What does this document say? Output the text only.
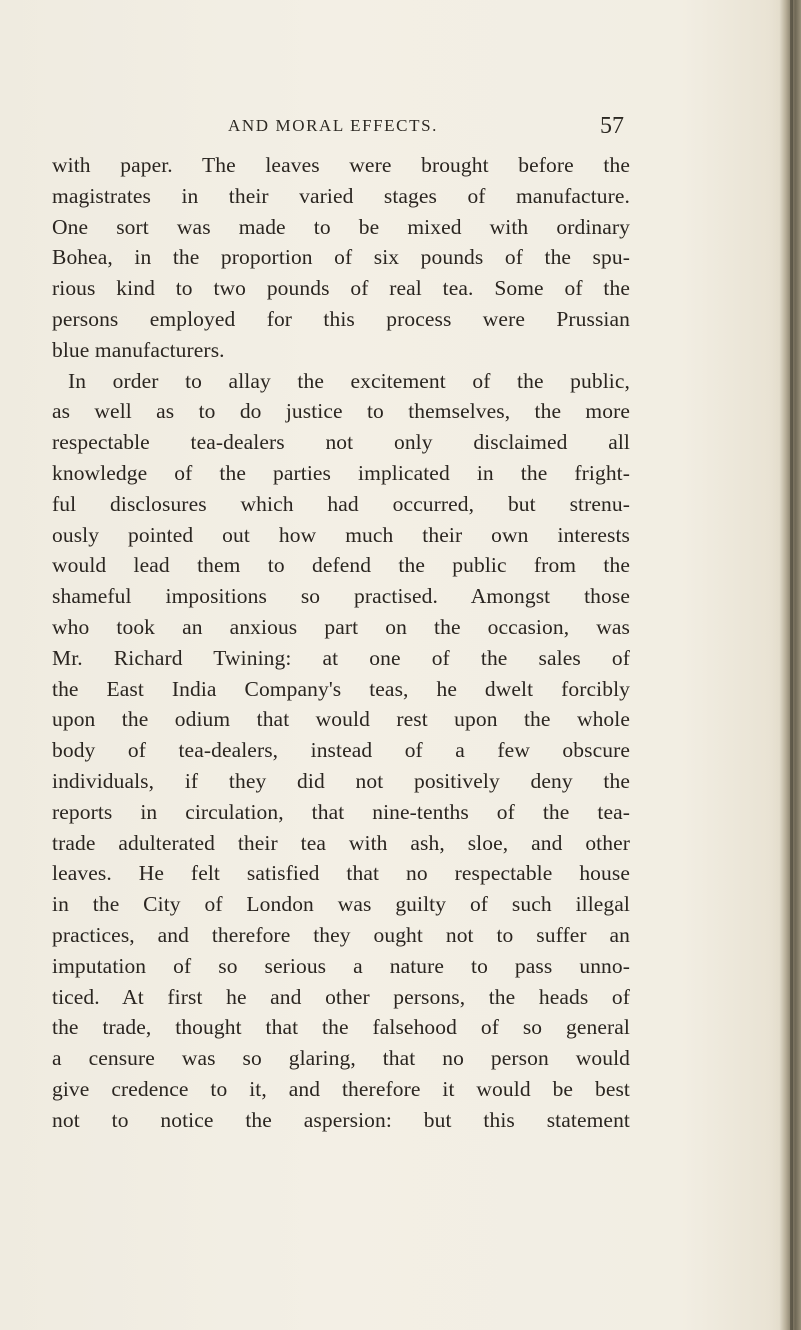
AND MORAL EFFECTS.	57
with paper. The leaves were brought before the
magistrates in their varied stages of manufacture.
One sort was made to be mixed with ordinary
Bohea, in the proportion of six pounds of the spu-
rious kind to two pounds of real tea. Some of the
persons employed for this process were Prussian
blue manufacturers.
In order to allay the excitement of the public,
as well as to do justice to themselves, the more
respectable tea-dealers not only disclaimed all
knowledge of the parties implicated in the fright-
ful disclosures which had occurred, but strenu-
ously pointed out how much their own interests
would lead them to defend the public from the
shameful impositions so practised. Amongst those
who took an anxious part on the occasion, was
Mr. Richard Twining: at one of the sales of
the East India Company's teas, he dwelt forcibly
upon the odium that would rest upon the whole
body of tea-dealers, instead of a few obscure
individuals, if they did not positively deny the
reports in circulation, that nine-tenths of the tea-
trade adulterated their tea with ash, sloe, and other
leaves. He felt satisfied that no respectable house
in the City of London was guilty of such illegal
practices, and therefore they ought not to suffer an
imputation of so serious a nature to pass unno-
ticed. At first he and other persons, the heads of
the trade, thought that the falsehood of so general
a censure was so glaring, that no person would
give credence to it, and therefore it would be best
not to notice the aspersion: but this statement
